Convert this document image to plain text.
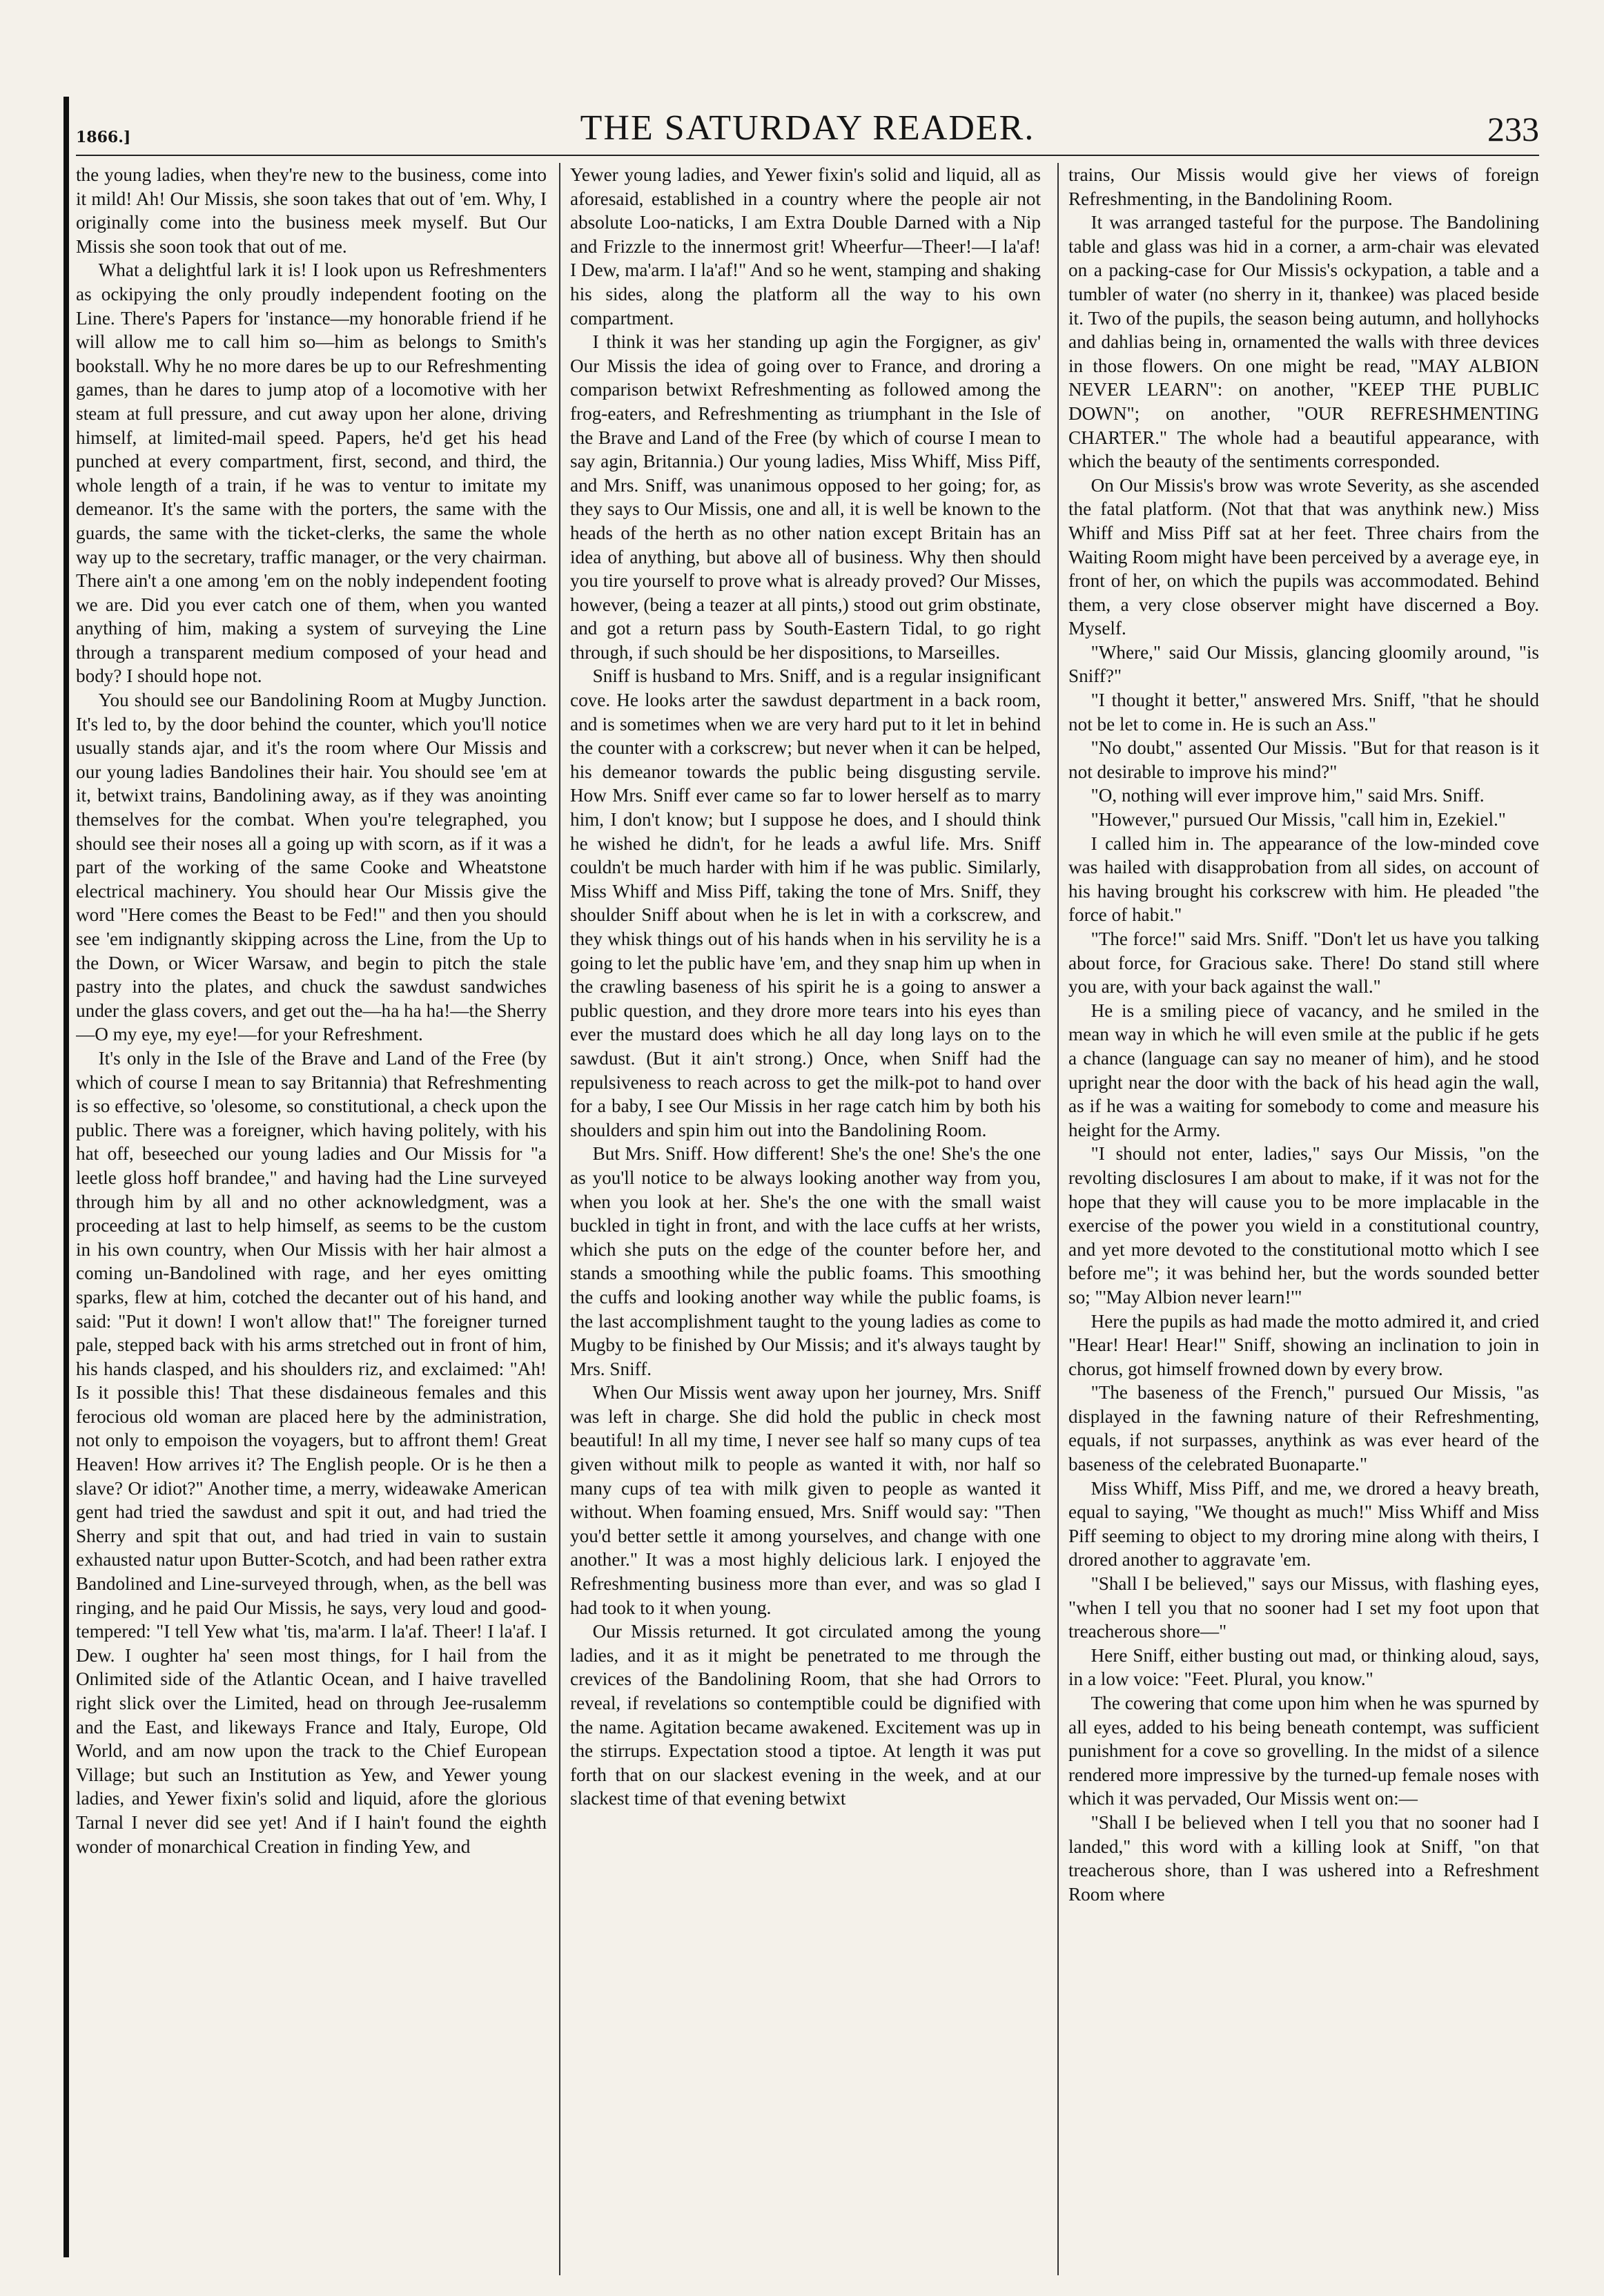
1866.]	THE SATURDAY READER.	233

the young ladies, when they're new to the business, come into it mild! Ah! Our Missis, she soon takes that out of 'em. Why, I originally come into the business meek myself. But Our Missis she soon took that out of me.

What a delightful lark it is! I look upon us Refreshmenters as ockipying the only proudly independent footing on the Line. There's Papers for 'instance—my honorable friend if he will allow me to call him so—him as belongs to Smith's bookstall. Why he no more dares be up to our Refreshmenting games, than he dares to jump atop of a locomotive with her steam at full pressure, and cut away upon her alone, driving himself, at limited-mail speed. Papers, he'd get his head punched at every compartment, first, second, and third, the whole length of a train, if he was to ventur to imitate my demeanor. It's the same with the porters, the same with the guards, the same with the ticket-clerks, the same the whole way up to the secretary, traffic manager, or the very chairman. There ain't a one among 'em on the nobly independent footing we are. Did you ever catch one of them, when you wanted anything of him, making a system of surveying the Line through a transparent medium composed of your head and body? I should hope not.

You should see our Bandolining Room at Mugby Junction. It's led to, by the door behind the counter, which you'll notice usually stands ajar, and it's the room where Our Missis and our young ladies Bandolines their hair. You should see 'em at it, betwixt trains, Bandolining away, as if they was anointing themselves for the combat. When you're telegraphed, you should see their noses all a going up with scorn, as if it was a part of the working of the same Cooke and Wheatstone electrical machinery. You should hear Our Missis give the word "Here comes the Beast to be Fed!" and then you should see 'em indignantly skipping across the Line, from the Up to the Down, or Wicer Warsaw, and begin to pitch the stale pastry into the plates, and chuck the sawdust sandwiches under the glass covers, and get out the—ha ha ha!—the Sherry—O my eye, my eye!—for your Refreshment.

It's only in the Isle of the Brave and Land of the Free (by which of course I mean to say Britannia) that Refreshmenting is so effective, so 'olesome, so constitutional, a check upon the public. There was a foreigner, which having politely, with his hat off, beseeched our young ladies and Our Missis for "a leetle gloss hoff brandee," and having had the Line surveyed through him by all and no other acknowledgment, was a proceeding at last to help himself, as seems to be the custom in his own country, when Our Missis with her hair almost a coming un-Bandolined with rage, and her eyes omitting sparks, flew at him, cotched the decanter out of his hand, and said: "Put it down! I won't allow that!" The foreigner turned pale, stepped back with his arms stretched out in front of him, his hands clasped, and his shoulders riz, and exclaimed: "Ah! Is it possible this! That these disdaineous females and this ferocious old woman are placed here by the administration, not only to empoison the voyagers, but to affront them! Great Heaven! How arrives it? The English people. Or is he then a slave? Or idiot?" Another time, a merry, wideawake American gent had tried the sawdust and spit it out, and had tried the Sherry and spit that out, and had tried in vain to sustain exhausted natur upon Butter-Scotch, and had been rather extra Bandolined and Line-surveyed through, when, as the bell was ringing, and he paid Our Missis, he says, very loud and good-tempered: "I tell Yew what 'tis, ma'arm. I la'af. Theer! I la'af. I Dew. I oughter ha' seen most things, for I hail from the Onlimited side of the Atlantic Ocean, and I haive travelled right slick over the Limited, head on through Jee-rusalemm and the East, and likeways France and Italy, Europe, Old World, and am now upon the track to the Chief European Village; but such an Institution as Yew, and Yewer young ladies, and Yewer fixin's solid and liquid, afore the glorious Tarnal I never did see yet! And if I hain't found the eighth wonder of monarchical Creation in finding Yew, and

Yewer young ladies, and Yewer fixin's solid and liquid, all as aforesaid, established in a country where the people air not absolute Loo-naticks, I am Extra Double Darned with a Nip and Frizzle to the innermost grit! Wheerfur—Theer!—I la'af! I Dew, ma'arm. I la'af!" And so he went, stamping and shaking his sides, along the platform all the way to his own compartment.

I think it was her standing up agin the Forgigner, as giv' Our Missis the idea of going over to France, and droring a comparison betwixt Refreshmenting as followed among the frog-eaters, and Refreshmenting as triumphant in the Isle of the Brave and Land of the Free (by which of course I mean to say agin, Britannia.) Our young ladies, Miss Whiff, Miss Piff, and Mrs. Sniff, was unanimous opposed to her going; for, as they says to Our Missis, one and all, it is well be known to the heads of the herth as no other nation except Britain has an idea of anything, but above all of business. Why then should you tire yourself to prove what is already proved? Our Misses, however, (being a teazer at all pints,) stood out grim obstinate, and got a return pass by South-Eastern Tidal, to go right through, if such should be her dispositions, to Marseilles.

Sniff is husband to Mrs. Sniff, and is a regular insignificant cove. He looks arter the sawdust department in a back room, and is sometimes when we are very hard put to it let in behind the counter with a corkscrew; but never when it can be helped, his demeanor towards the public being disgusting servile. How Mrs. Sniff ever came so far to lower herself as to marry him, I don't know; but I suppose he does, and I should think he wished he didn't, for he leads a awful life. Mrs. Sniff couldn't be much harder with him if he was public. Similarly, Miss Whiff and Miss Piff, taking the tone of Mrs. Sniff, they shoulder Sniff about when he is let in with a corkscrew, and they whisk things out of his hands when in his servility he is a going to let the public have 'em, and they snap him up when in the crawling baseness of his spirit he is a going to answer a public question, and they drore more tears into his eyes than ever the mustard does which he all day long lays on to the sawdust. (But it ain't strong.) Once, when Sniff had the repulsiveness to reach across to get the milk-pot to hand over for a baby, I see Our Missis in her rage catch him by both his shoulders and spin him out into the Bandolining Room.

But Mrs. Sniff. How different! She's the one! She's the one as you'll notice to be always looking another way from you, when you look at her. She's the one with the small waist buckled in tight in front, and with the lace cuffs at her wrists, which she puts on the edge of the counter before her, and stands a smoothing while the public foams. This smoothing the cuffs and looking another way while the public foams, is the last accomplishment taught to the young ladies as come to Mugby to be finished by Our Missis; and it's always taught by Mrs. Sniff.

When Our Missis went away upon her journey, Mrs. Sniff was left in charge. She did hold the public in check most beautiful! In all my time, I never see half so many cups of tea given without milk to people as wanted it with, nor half so many cups of tea with milk given to people as wanted it without. When foaming ensued, Mrs. Sniff would say: "Then you'd better settle it among yourselves, and change with one another." It was a most highly delicious lark. I enjoyed the Refreshmenting business more than ever, and was so glad I had took to it when young.

Our Missis returned. It got circulated among the young ladies, and it as it might be penetrated to me through the crevices of the Bandolining Room, that she had Orrors to reveal, if revelations so contemptible could be dignified with the name. Agitation became awakened. Excitement was up in the stirrups. Expectation stood a tiptoe. At length it was put forth that on our slackest evening in the week, and at our slackest time of that evening betwixt

trains, Our Missis would give her views of foreign Refreshmenting, in the Bandolining Room.

It was arranged tasteful for the purpose. The Bandolining table and glass was hid in a corner, a arm-chair was elevated on a packing-case for Our Missis's ockypation, a table and a tumbler of water (no sherry in it, thankee) was placed beside it. Two of the pupils, the season being autumn, and hollyhocks and dahlias being in, ornamented the walls with three devices in those flowers. On one might be read, "MAY ALBION NEVER LEARN": on another, "KEEP THE PUBLIC DOWN"; on another, "OUR REFRESHMENTING CHARTER." The whole had a beautiful appearance, with which the beauty of the sentiments corresponded.

On Our Missis's brow was wrote Severity, as she ascended the fatal platform. (Not that that was anythink new.) Miss Whiff and Miss Piff sat at her feet. Three chairs from the Waiting Room might have been perceived by a average eye, in front of her, on which the pupils was accommodated. Behind them, a very close observer might have discerned a Boy. Myself.

"Where," said Our Missis, glancing gloomily around, "is Sniff?"

"I thought it better," answered Mrs. Sniff, "that he should not be let to come in. He is such an Ass."

"No doubt," assented Our Missis. "But for that reason is it not desirable to improve his mind?"

"O, nothing will ever improve him," said Mrs. Sniff.

"However," pursued Our Missis, "call him in, Ezekiel."

I called him in. The appearance of the low-minded cove was hailed with disapprobation from all sides, on account of his having brought his corkscrew with him. He pleaded "the force of habit."

"The force!" said Mrs. Sniff. "Don't let us have you talking about force, for Gracious sake. There! Do stand still where you are, with your back against the wall."

He is a smiling piece of vacancy, and he smiled in the mean way in which he will even smile at the public if he gets a chance (language can say no meaner of him), and he stood upright near the door with the back of his head agin the wall, as if he was a waiting for somebody to come and measure his height for the Army.

"I should not enter, ladies," says Our Missis, "on the revolting disclosures I am about to make, if it was not for the hope that they will cause you to be more implacable in the exercise of the power you wield in a constitutional country, and yet more devoted to the constitutional motto which I see before me"; it was behind her, but the words sounded better so; "'May Albion never learn!'"

Here the pupils as had made the motto admired it, and cried "Hear! Hear! Hear!" Sniff, showing an inclination to join in chorus, got himself frowned down by every brow.

"The baseness of the French," pursued Our Missis, "as displayed in the fawning nature of their Refreshmenting, equals, if not surpasses, anythink as was ever heard of the baseness of the celebrated Buonaparte."

Miss Whiff, Miss Piff, and me, we drored a heavy breath, equal to saying, "We thought as much!" Miss Whiff and Miss Piff seeming to object to my droring mine along with theirs, I drored another to aggravate 'em.

"Shall I be believed," says our Missus, with flashing eyes, "when I tell you that no sooner had I set my foot upon that treacherous shore—"

Here Sniff, either busting out mad, or thinking aloud, says, in a low voice: "Feet. Plural, you know."

The cowering that come upon him when he was spurned by all eyes, added to his being beneath contempt, was sufficient punishment for a cove so grovelling. In the midst of a silence rendered more impressive by the turned-up female noses with which it was pervaded, Our Missis went on:—

"Shall I be believed when I tell you that no sooner had I landed," this word with a killing look at Sniff, "on that treacherous shore, than I was ushered into a Refreshment Room where
